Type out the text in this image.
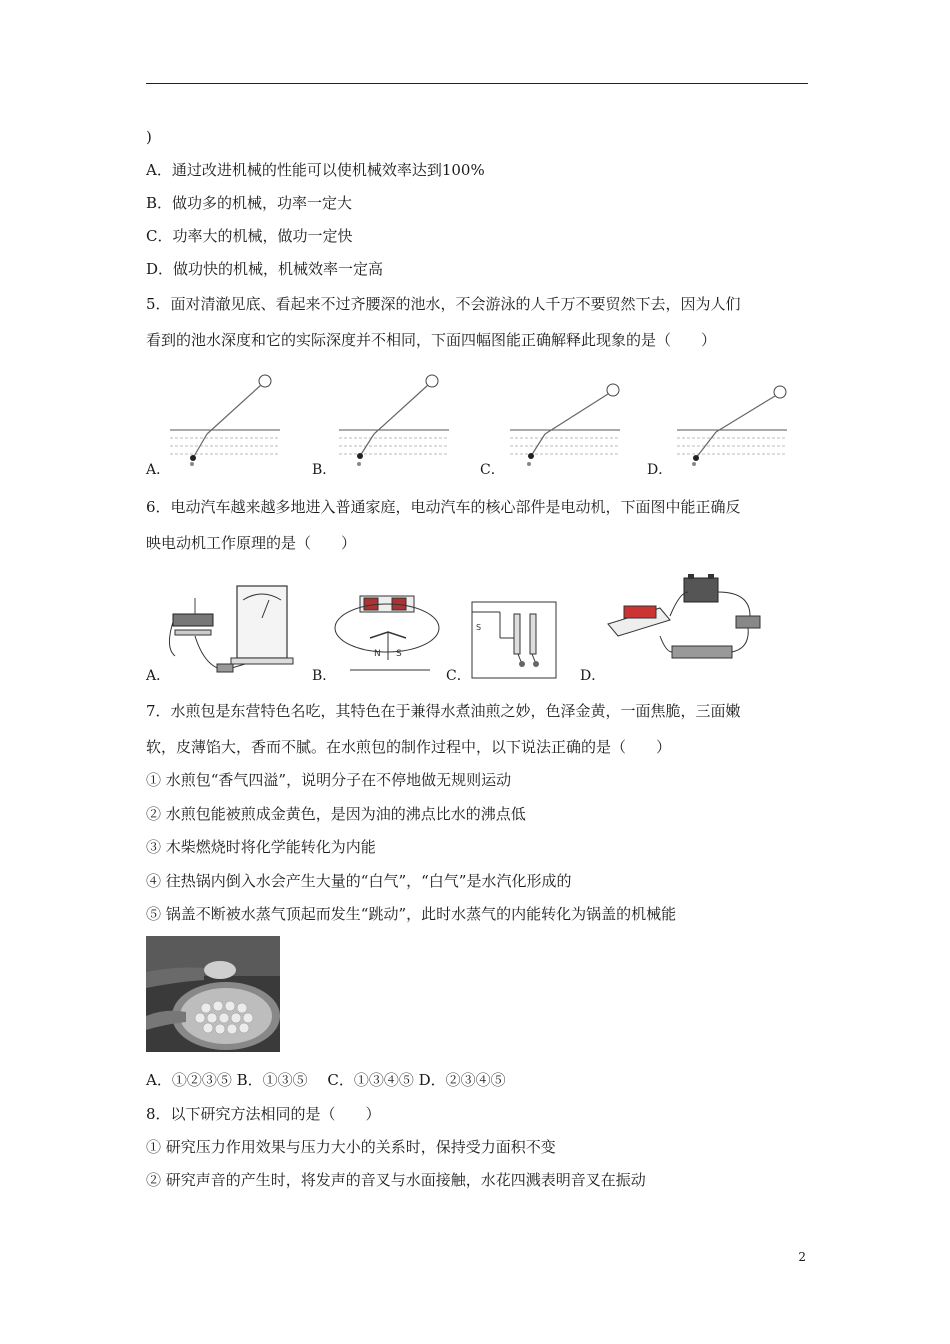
)
A．通过改进机械的性能可以使机械效率达到100%
B．做功多的机械，功率一定大
C．功率大的机械，做功一定快
D．做功快的机械，机械效率一定高
5．面对清澈见底、看起来不过齐腰深的池水，不会游泳的人千万不要贸然下去，因为人们
看到的池水深度和它的实际深度并不相同，下面四幅图能正确解释此现象的是（　　）
A．	B．	C．	D．
6．电动汽车越来越多地进入普通家庭，电动汽车的核心部件是电动机，下面图中能正确反
映电动机工作原理的是（　　）
A．
N S
B．
S
C．	D．
7．水煎包是东营特色名吃，其特色在于兼得水煮油煎之妙，色泽金黄，一面焦脆，三面嫩
软，皮薄馅大，香而不腻。在水煎包的制作过程中，以下说法正确的是（　　）
① 水煎包“香气四溢”，说明分子在不停地做无规则运动
② 水煎包能被煎成金黄色，是因为油的沸点比水的沸点低
③ 木柴燃烧时将化学能转化为内能
④ 往热锅内倒入水会产生大量的“白气”，“白气”是水汽化形成的
⑤ 锅盖不断被水蒸气顶起而发生“跳动”，此时水蒸气的内能转化为锅盖的机械能
A．①②③⑤ B．①③⑤　 C．①③④⑤ D．②③④⑤
8．以下研究方法相同的是（　　）
① 研究压力作用效果与压力大小的关系时，保持受力面积不变
② 研究声音的产生时，将发声的音叉与水面接触，水花四溅表明音叉在振动
2
